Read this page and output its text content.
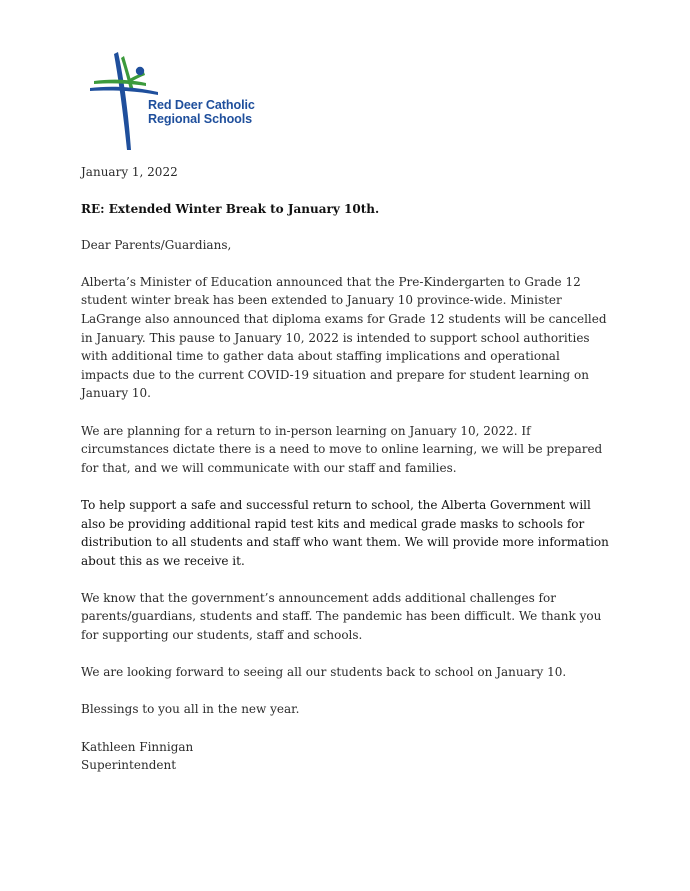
Red Deer Catholic
Regional Schools

January 1, 2022

RE: Extended Winter Break to January 10th.

Dear Parents/Guardians,

Alberta’s Minister of Education announced that the Pre-Kindergarten to Grade 12 student winter break has been extended to January 10 province-wide. Minister LaGrange also announced that diploma exams for Grade 12 students will be cancelled in January. This pause to January 10, 2022 is intended to support school authorities with additional time to gather data about staffing implications and operational impacts due to the current COVID-19 situation and prepare for student learning on January 10.

We are planning for a return to in-person learning on January 10, 2022. If circumstances dictate there is a need to move to online learning, we will be prepared for that, and we will communicate with our staff and families.

To help support a safe and successful return to school, the Alberta Government will also be providing additional rapid test kits and medical grade masks to schools for distribution to all students and staff who want them. We will provide more information about this as we receive it.

We know that the government’s announcement adds additional challenges for parents/guardians, students and staff. The pandemic has been difficult. We thank you for supporting our students, staff and schools.

We are looking forward to seeing all our students back to school on January 10.

Blessings to you all in the new year.

Kathleen Finnigan

Superintendent
